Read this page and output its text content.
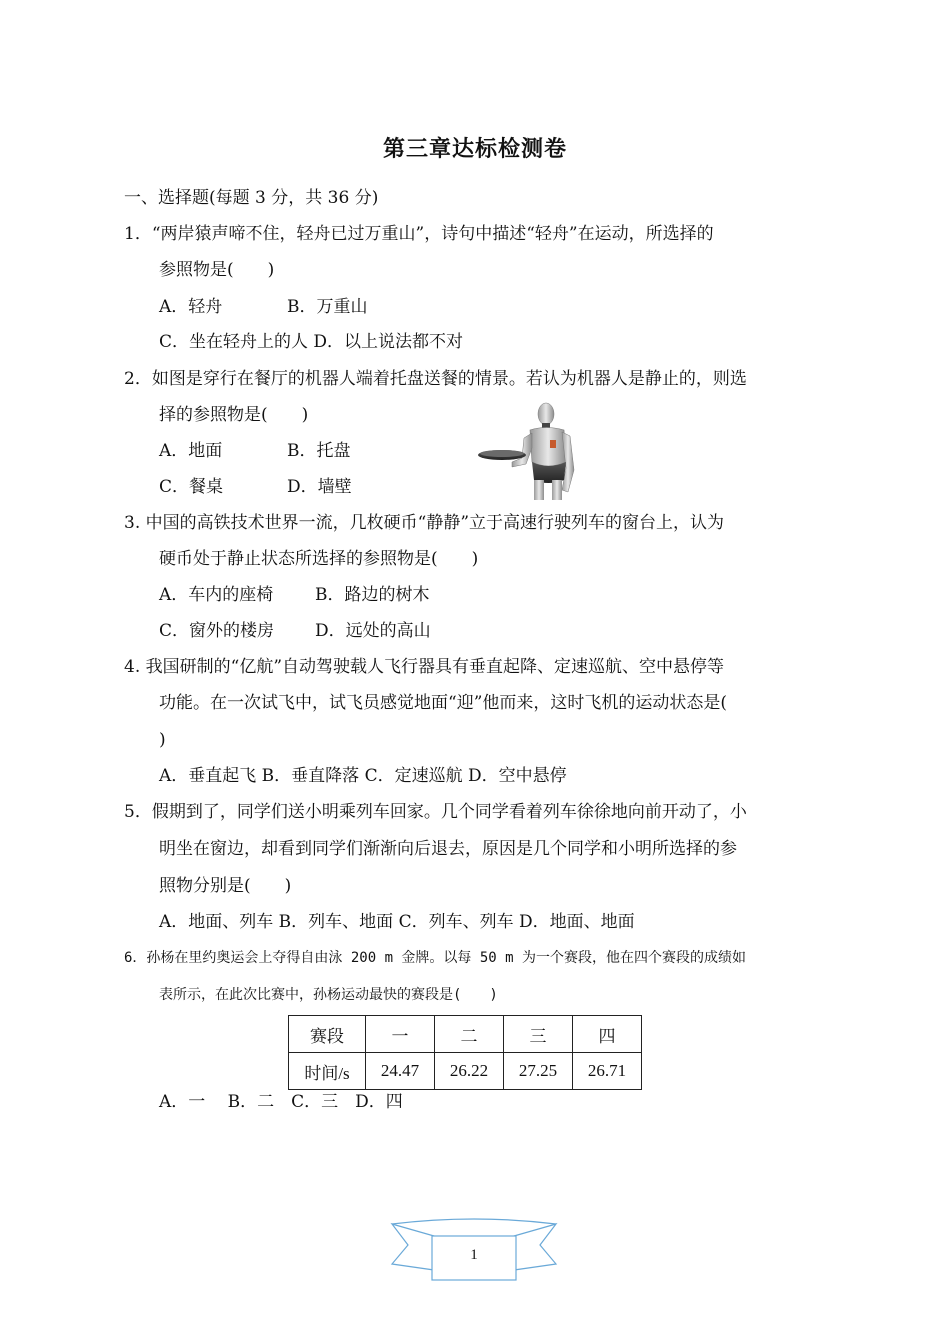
第三章达标检测卷
一、选择题(每题 3 分，共 36 分)
1．“两岸猿声啼不住，轻舟已过万重山”，诗句中描述“轻舟”在运动，所选择的
参照物是(　　)
A．轻舟	B．万重山
C．坐在轻舟上的人 D．以上说法都不对
2．如图是穿行在餐厅的机器人端着托盘送餐的情景。若认为机器人是静止的，则选
择的参照物是(　　)
A．地面	B．托盘
C．餐桌	D．墙壁
3. 中国的高铁技术世界一流，几枚硬币“静静”立于高速行驶列车的窗台上，认为
硬币处于静止状态所选择的参照物是(　　)
A．车内的座椅 B．路边的树木
C．窗外的楼房 D．远处的高山
4. 我国研制的“亿航”自动驾驶载人飞行器具有垂直起降、定速巡航、空中悬停等
功能。在一次试飞中，试飞员感觉地面“迎”他而来，这时飞机的运动状态是(
)
A．垂直起飞 B．垂直降落 C．定速巡航 D．空中悬停
5．假期到了，同学们送小明乘列车回家。几个同学看着列车徐徐地向前开动了，小
明坐在窗边，却看到同学们渐渐向后退去，原因是几个同学和小明所选择的参
照物分别是(　　)
A．地面、列车 B．列车、地面 C．列车、列车 D．地面、地面
6．孙杨在里约奥运会上夺得自由泳 200 m 金牌。以每 50 m 为一个赛段，他在四个赛段的成绩如
表所示，在此次比赛中，孙杨运动最快的赛段是(　　)
赛段	一	二	三	四
时间/s	24.47	26.22	27.25	26.71
A．一　 B．二　C．三　D．四
1
